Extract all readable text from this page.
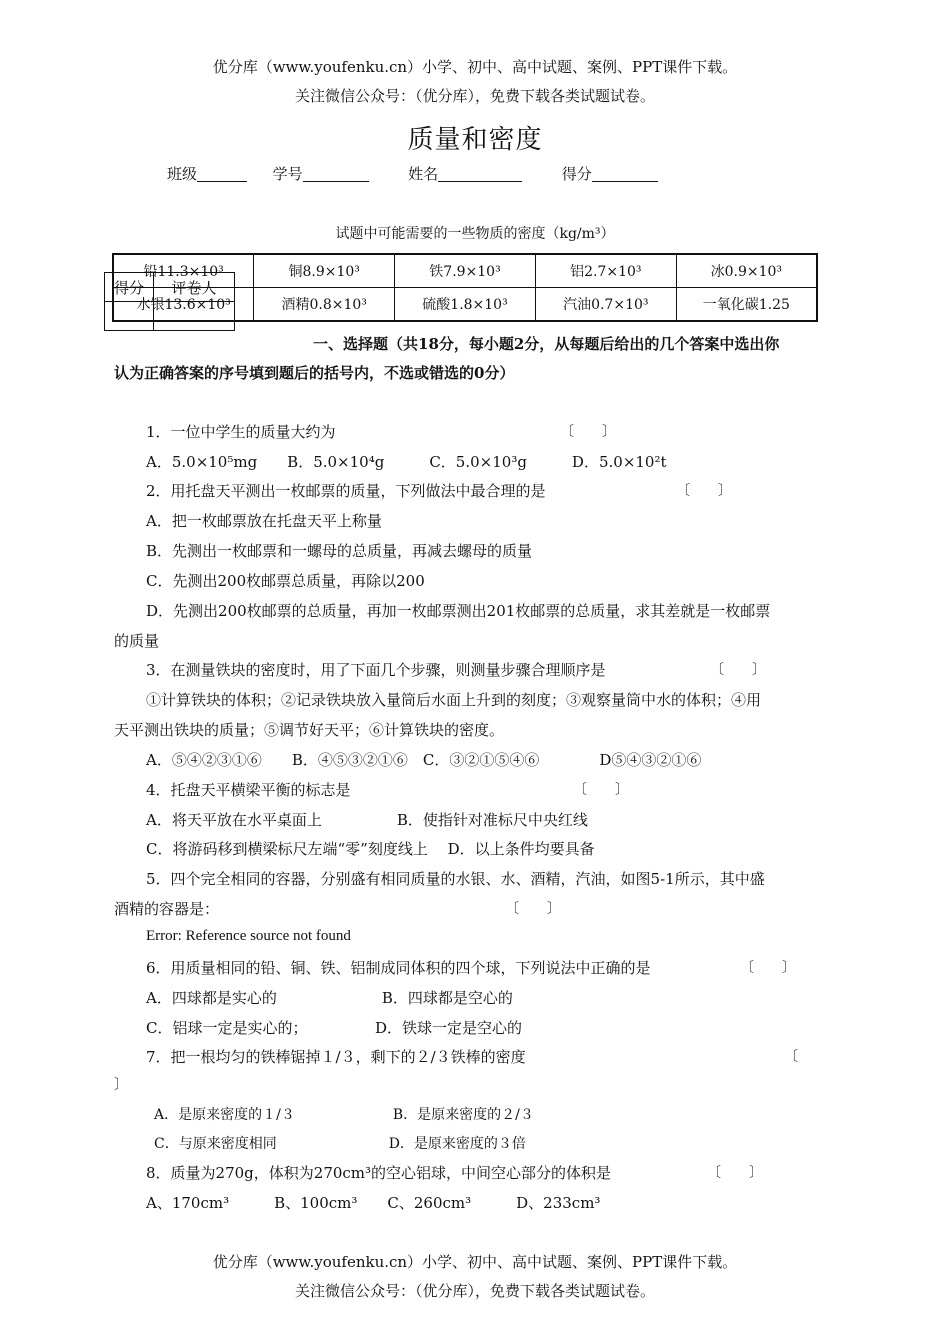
优分库（www.youfenku.cn）小学、初中、高中试题、案例、PPT课件下载。
关注微信公众号：（优分库），免费下载各类试题试卷。
质量和密度
班级	学号	姓名	得分
试题中可能需要的一些物质的密度（kg/m³）
铅11.3×10³	铜8.9×10³	铁7.9×10³	铝2.7×10³	冰0.9×10³
水银13.6×10³	酒精0.8×10³	硫酸1.8×10³	汽油0.7×10³	一氧化碳1.25
得分	评卷人

一、选择题（共18分，每小题2分，从每题后给出的几个答案中选出你
认为正确答案的序号填到题后的括号内，不选或错选的0分）
1．一位中学生的质量大约为	〔　　〕
A．5.0×10⁵mg　　B．5.0×10⁴g　　　C．5.0×10³g　　　D．5.0×10²t
2．用托盘天平测出一枚邮票的质量，下列做法中最合理的是	〔　　〕
A．把一枚邮票放在托盘天平上称量
B．先测出一枚邮票和一螺母的总质量，再减去螺母的质量
C．先测出200枚邮票总质量，再除以200
D．先测出200枚邮票的总质量，再加一枚邮票测出201枚邮票的总质量，求其差就是一枚邮票
的质量
3．在测量铁块的密度时，用了下面几个步骤，则测量步骤合理顺序是	〔　　〕
①计算铁块的体积；②记录铁块放入量筒后水面上升到的刻度；③观察量筒中水的体积；④用
天平测出铁块的质量；⑤调节好天平；⑥计算铁块的密度。
A．⑤④②③①⑥　　B．④⑤③②①⑥　C．③②①⑤④⑥　　　　D⑤④③②①⑥
4．托盘天平横梁平衡的标志是	〔　　〕
A．将天平放在水平桌面上　　　　　B．使指针对准标尺中央红线
C．将游码移到横梁标尺左端“零”刻度线上　 D．以上条件均要具备
5．四个完全相同的容器，分别盛有相同质量的水银、水、酒精，汽油，如图5-1所示，其中盛
酒精的容器是：	〔　　〕
Error: Reference source not found
6．用质量相同的铅、铜、铁、铝制成同体积的四个球，下列说法中正确的是	〔　　〕
A．四球都是实心的　　　　　　　B．四球都是空心的
C．铝球一定是实心的；　　　　　D．铁球一定是空心的
7．把一根均匀的铁棒锯掉１/３，剩下的２/３铁棒的密度	〔
〕
A．是原来密度的１/３　　　　　　　B．是原来密度的２/３
C．与原来密度相同　　　　　　　　D．是原来密度的３倍
8．质量为270g，体积为270cm³的空心铝球，中间空心部分的体积是	〔　　〕
A、170cm³　　　B、100cm³　　C、260cm³　　　D、233cm³
优分库（www.youfenku.cn）小学、初中、高中试题、案例、PPT课件下载。
关注微信公众号：（优分库），免费下载各类试题试卷。
